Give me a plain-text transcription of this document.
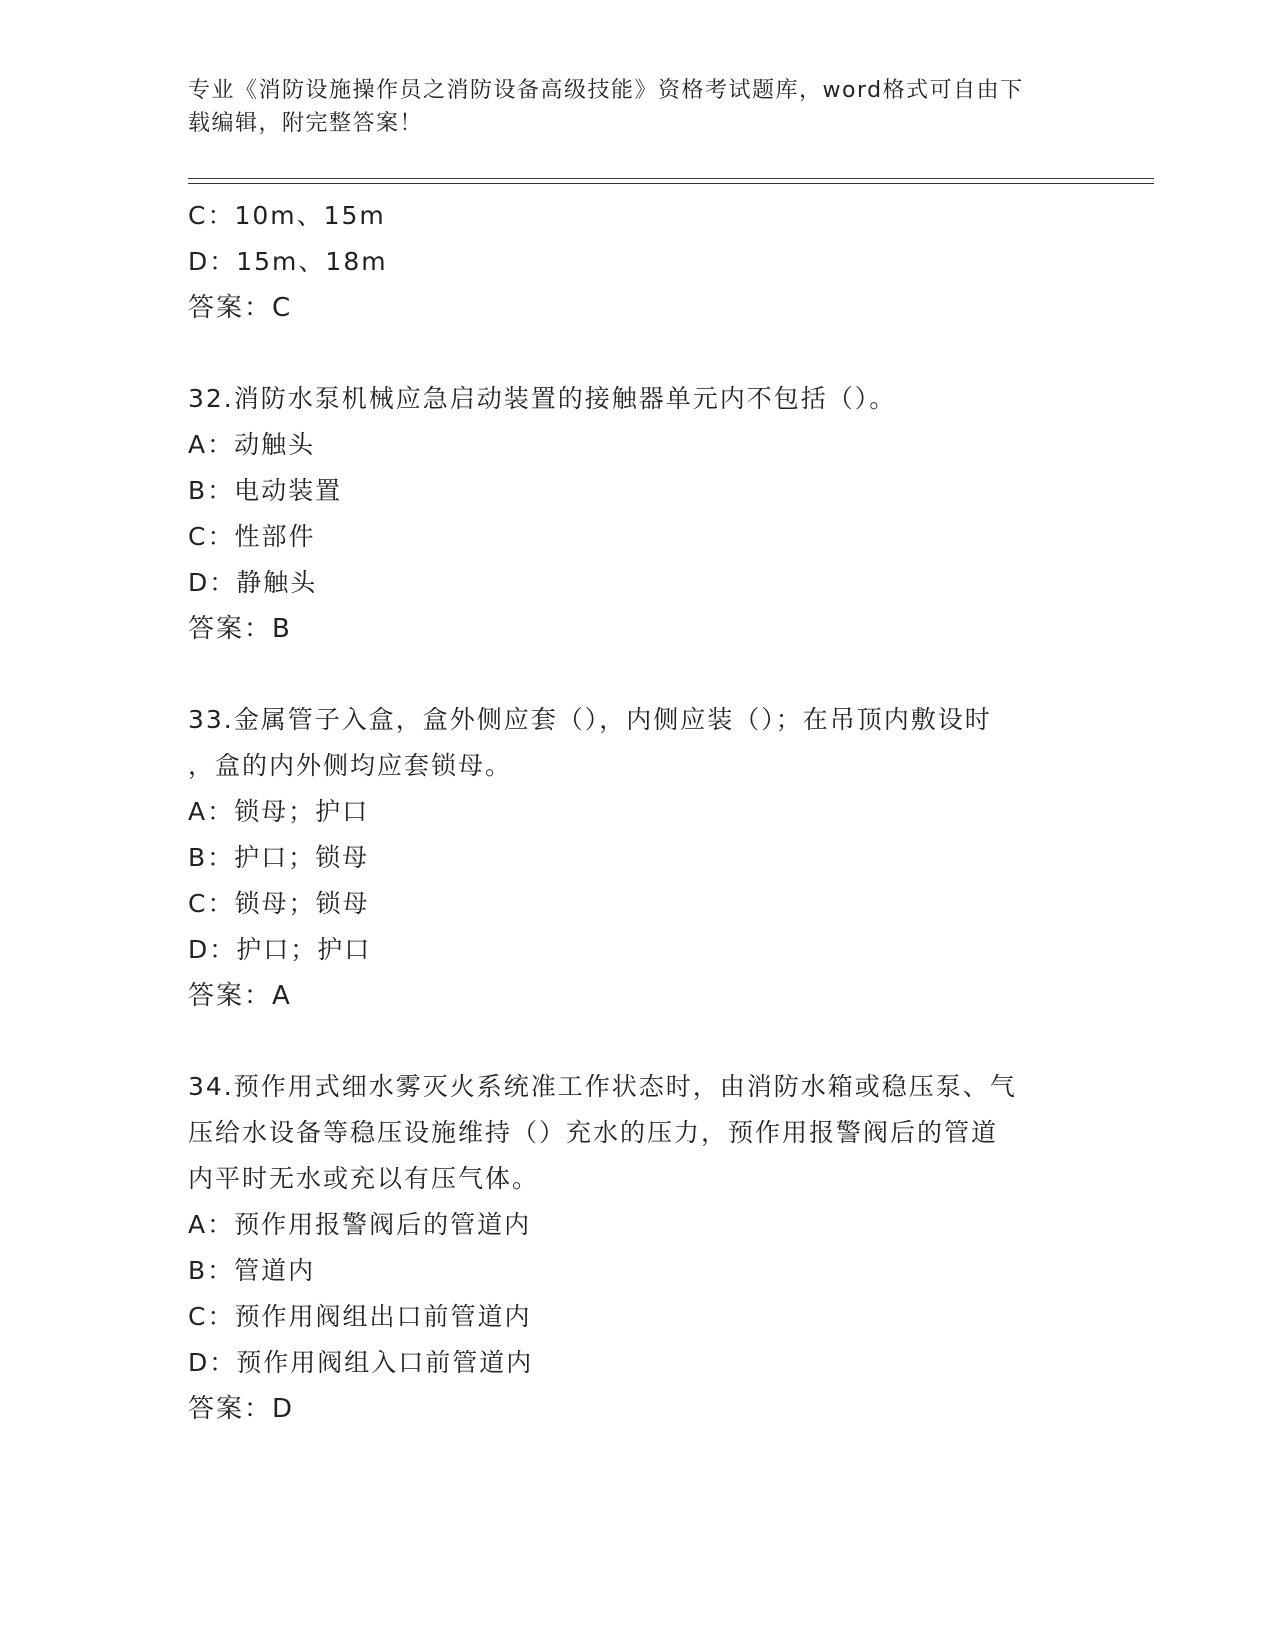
专业《消防设施操作员之消防设备高级技能》资格考试题库，word格式可自由下
载编辑，附完整答案！
C：10m、15m
D：15m、18m
答案：C
32.消防水泵机械应急启动装置的接触器单元内不包括（）。
A：动触头
B：电动装置
C：性部件
D：静触头
答案：B
33.金属管子入盒，盒外侧应套（），内侧应装（）；在吊顶内敷设时
，盒的内外侧均应套锁母。
A：锁母；护口
B：护口；锁母
C：锁母；锁母
D：护口；护口
答案：A
34.预作用式细水雾灭火系统准工作状态时，由消防水箱或稳压泵、气
压给水设备等稳压设施维持（）充水的压力，预作用报警阀后的管道
内平时无水或充以有压气体。
A：预作用报警阀后的管道内
B：管道内
C：预作用阀组出口前管道内
D：预作用阀组入口前管道内
答案：D
